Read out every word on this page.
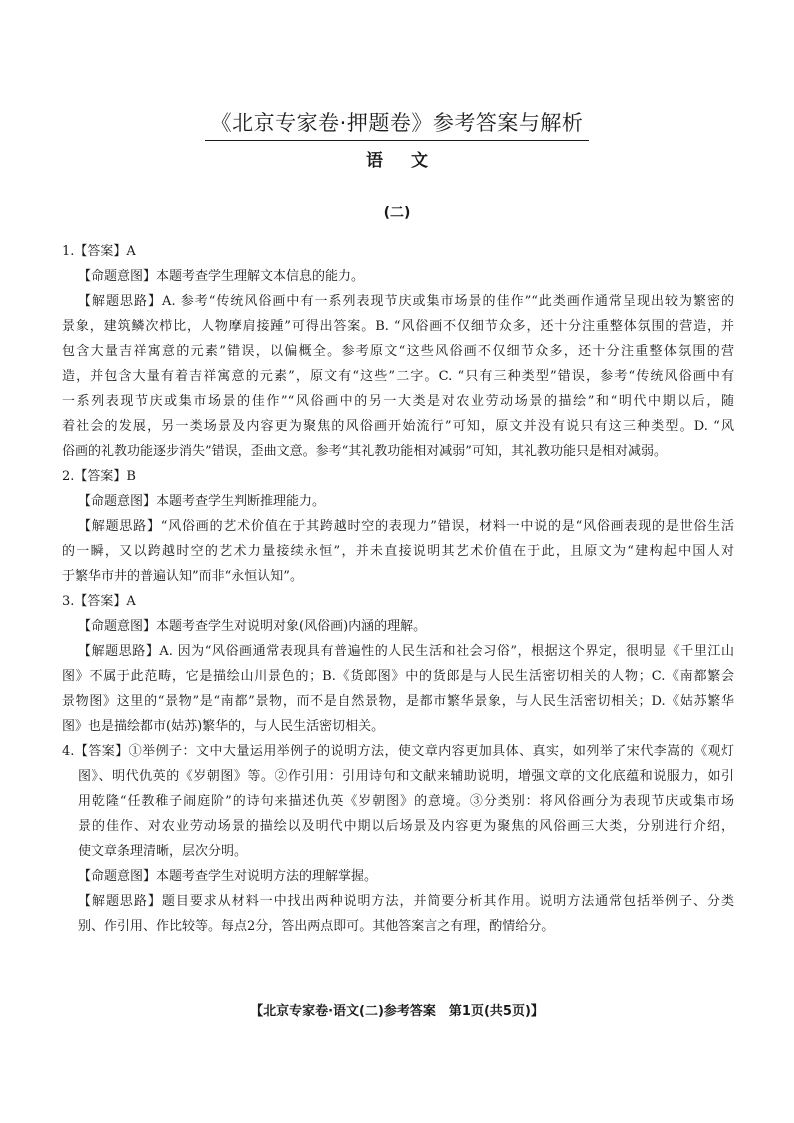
《北京专家卷·押题卷》参考答案与解析
语文
(二)
1.【答案】A
【命题意图】本题考查学生理解文本信息的能力。
【解题思路】A. 参考“传统风俗画中有一系列表现节庆或集市场景的佳作”“此类画作通常呈现出较为繁密的
景象，建筑鳞次栉比，人物摩肩接踵”可得出答案。B. “风俗画不仅细节众多，还十分注重整体氛围的营造，并
包含大量吉祥寓意的元素”错误，以偏概全。参考原文“这些风俗画不仅细节众多，还十分注重整体氛围的营
造，并包含大量有着吉祥寓意的元素”，原文有“这些”二字。C. “只有三种类型”错误，参考“传统风俗画中有
一系列表现节庆或集市场景的佳作”“风俗画中的另一大类是对农业劳动场景的描绘”和“明代中期以后，随
着社会的发展，另一类场景及内容更为聚焦的风俗画开始流行”可知，原文并没有说只有这三种类型。D. “风
俗画的礼教功能逐步消失”错误，歪曲文意。参考“其礼教功能相对减弱”可知，其礼教功能只是相对减弱。
2.【答案】B
【命题意图】本题考查学生判断推理能力。
【解题思路】“风俗画的艺术价值在于其跨越时空的表现力”错误，材料一中说的是“风俗画表现的是世俗生活
的一瞬，又以跨越时空的艺术力量接续永恒”，并未直接说明其艺术价值在于此，且原文为“建构起中国人对
于繁华市井的普遍认知”而非“永恒认知”。
3.【答案】A
【命题意图】本题考查学生对说明对象(风俗画)内涵的理解。
【解题思路】A. 因为“风俗画通常表现具有普遍性的人民生活和社会习俗”，根据这个界定，很明显《千里江山
图》不属于此范畴，它是描绘山川景色的；B.《货郎图》中的货郎是与人民生活密切相关的人物；C.《南都繁会
景物图》这里的“景物”是“南都”景物，而不是自然景物，是都市繁华景象，与人民生活密切相关；D.《姑苏繁华
图》也是描绘都市(姑苏)繁华的，与人民生活密切相关。
4.【答案】①举例子：文中大量运用举例子的说明方法，使文章内容更加具体、真实，如列举了宋代李嵩的《观灯
图》、明代仇英的《岁朝图》等。②作引用：引用诗句和文献来辅助说明，增强文章的文化底蕴和说服力，如引
用乾隆“任教稚子闹庭阶”的诗句来描述仇英《岁朝图》的意境。③分类别：将风俗画分为表现节庆或集市场
景的佳作、对农业劳动场景的描绘以及明代中期以后场景及内容更为聚焦的风俗画三大类，分别进行介绍，
使文章条理清晰，层次分明。
【命题意图】本题考查学生对说明方法的理解掌握。
【解题思路】题目要求从材料一中找出两种说明方法，并简要分析其作用。说明方法通常包括举例子、分类
别、作引用、作比较等。每点2分，答出两点即可。其他答案言之有理，酌情给分。
【北京专家卷·语文(二)参考答案　第1页(共5页)】
